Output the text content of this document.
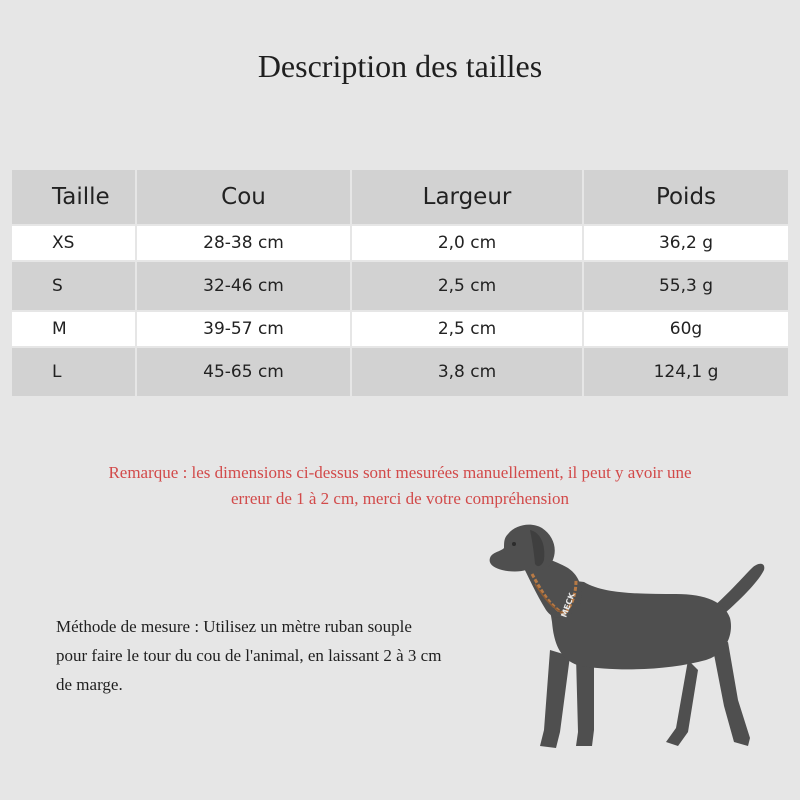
Description des tailles
Taille	Cou	Largeur	Poids
XS	28-38 cm	2,0 cm	36,2 g
S	32-46 cm	2,5 cm	55,3 g
M	39-57 cm	2,5 cm	60g
L	45-65 cm	3,8 cm	124,1 g
Remarque : les dimensions ci-dessus sont mesurées manuellement, il peut y avoir une
erreur de 1 à 2 cm, merci de votre compréhension
Méthode de mesure : Utilisez un mètre ruban souple
pour faire le tour du cou de l'animal, en laissant 2 à 3 cm
de marge.
MECK
